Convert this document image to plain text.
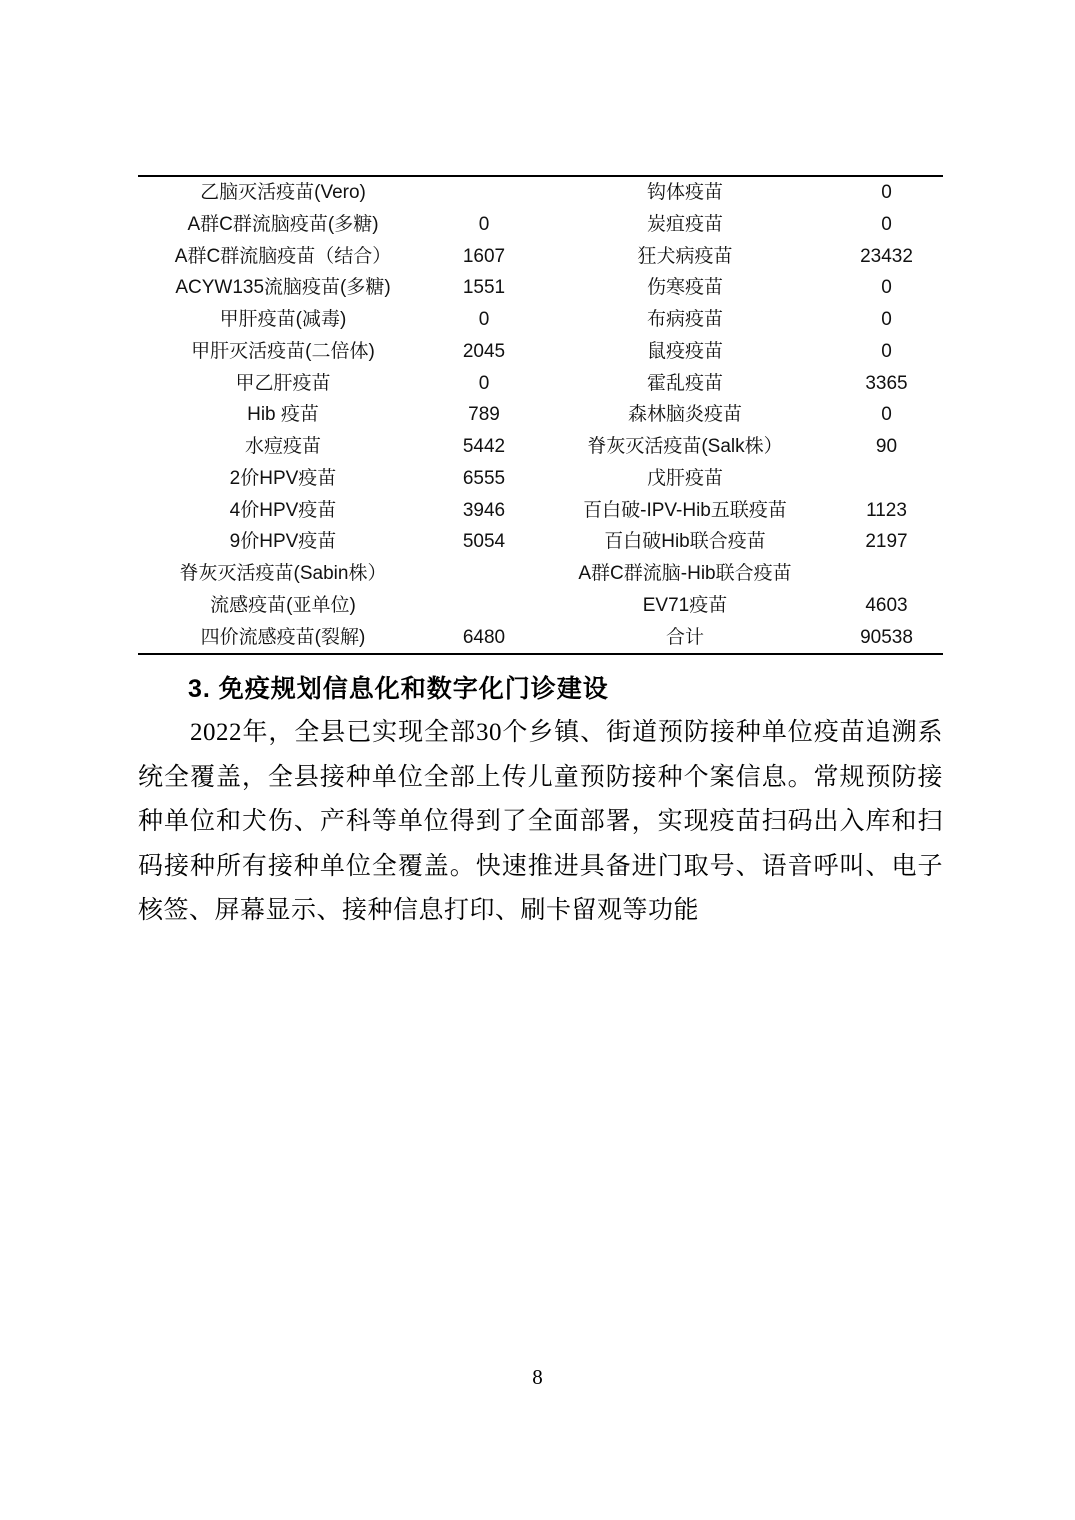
乙脑灭活疫苗(Vero)		钩体疫苗	0
A群C群流脑疫苗(多糖)	0	炭疽疫苗	0
A群C群流脑疫苗（结合）	1607	狂犬病疫苗	23432
ACYW135流脑疫苗(多糖)	1551	伤寒疫苗	0
甲肝疫苗(减毒)	0	布病疫苗	0
甲肝灭活疫苗(二倍体)	2045	鼠疫疫苗	0
甲乙肝疫苗	0	霍乱疫苗	3365
Hib 疫苗	789	森林脑炎疫苗	0
水痘疫苗	5442	脊灰灭活疫苗(Salk株）	90
2价HPV疫苗	6555	戊肝疫苗	
4价HPV疫苗	3946	百白破-IPV-Hib五联疫苗	1123
9价HPV疫苗	5054	百白破Hib联合疫苗	2197
脊灰灭活疫苗(Sabin株）		A群C群流脑-Hib联合疫苗	
流感疫苗(亚单位)		EV71疫苗	4603
四价流感疫苗(裂解)	6480	合计	90538
3. 免疫规划信息化和数字化门诊建设

2022年，全县已实现全部30个乡镇、街道预防接种单位疫苗追溯系统全覆盖，全县接种单位全部上传儿童预防接种个案信息。常规预防接种单位和犬伤、产科等单位得到了全面部署，实现疫苗扫码出入库和扫码接种所有接种单位全覆盖。快速推进具备进门取号、语音呼叫、电子核签、屏幕显示、接种信息打印、刷卡留观等功能

8
